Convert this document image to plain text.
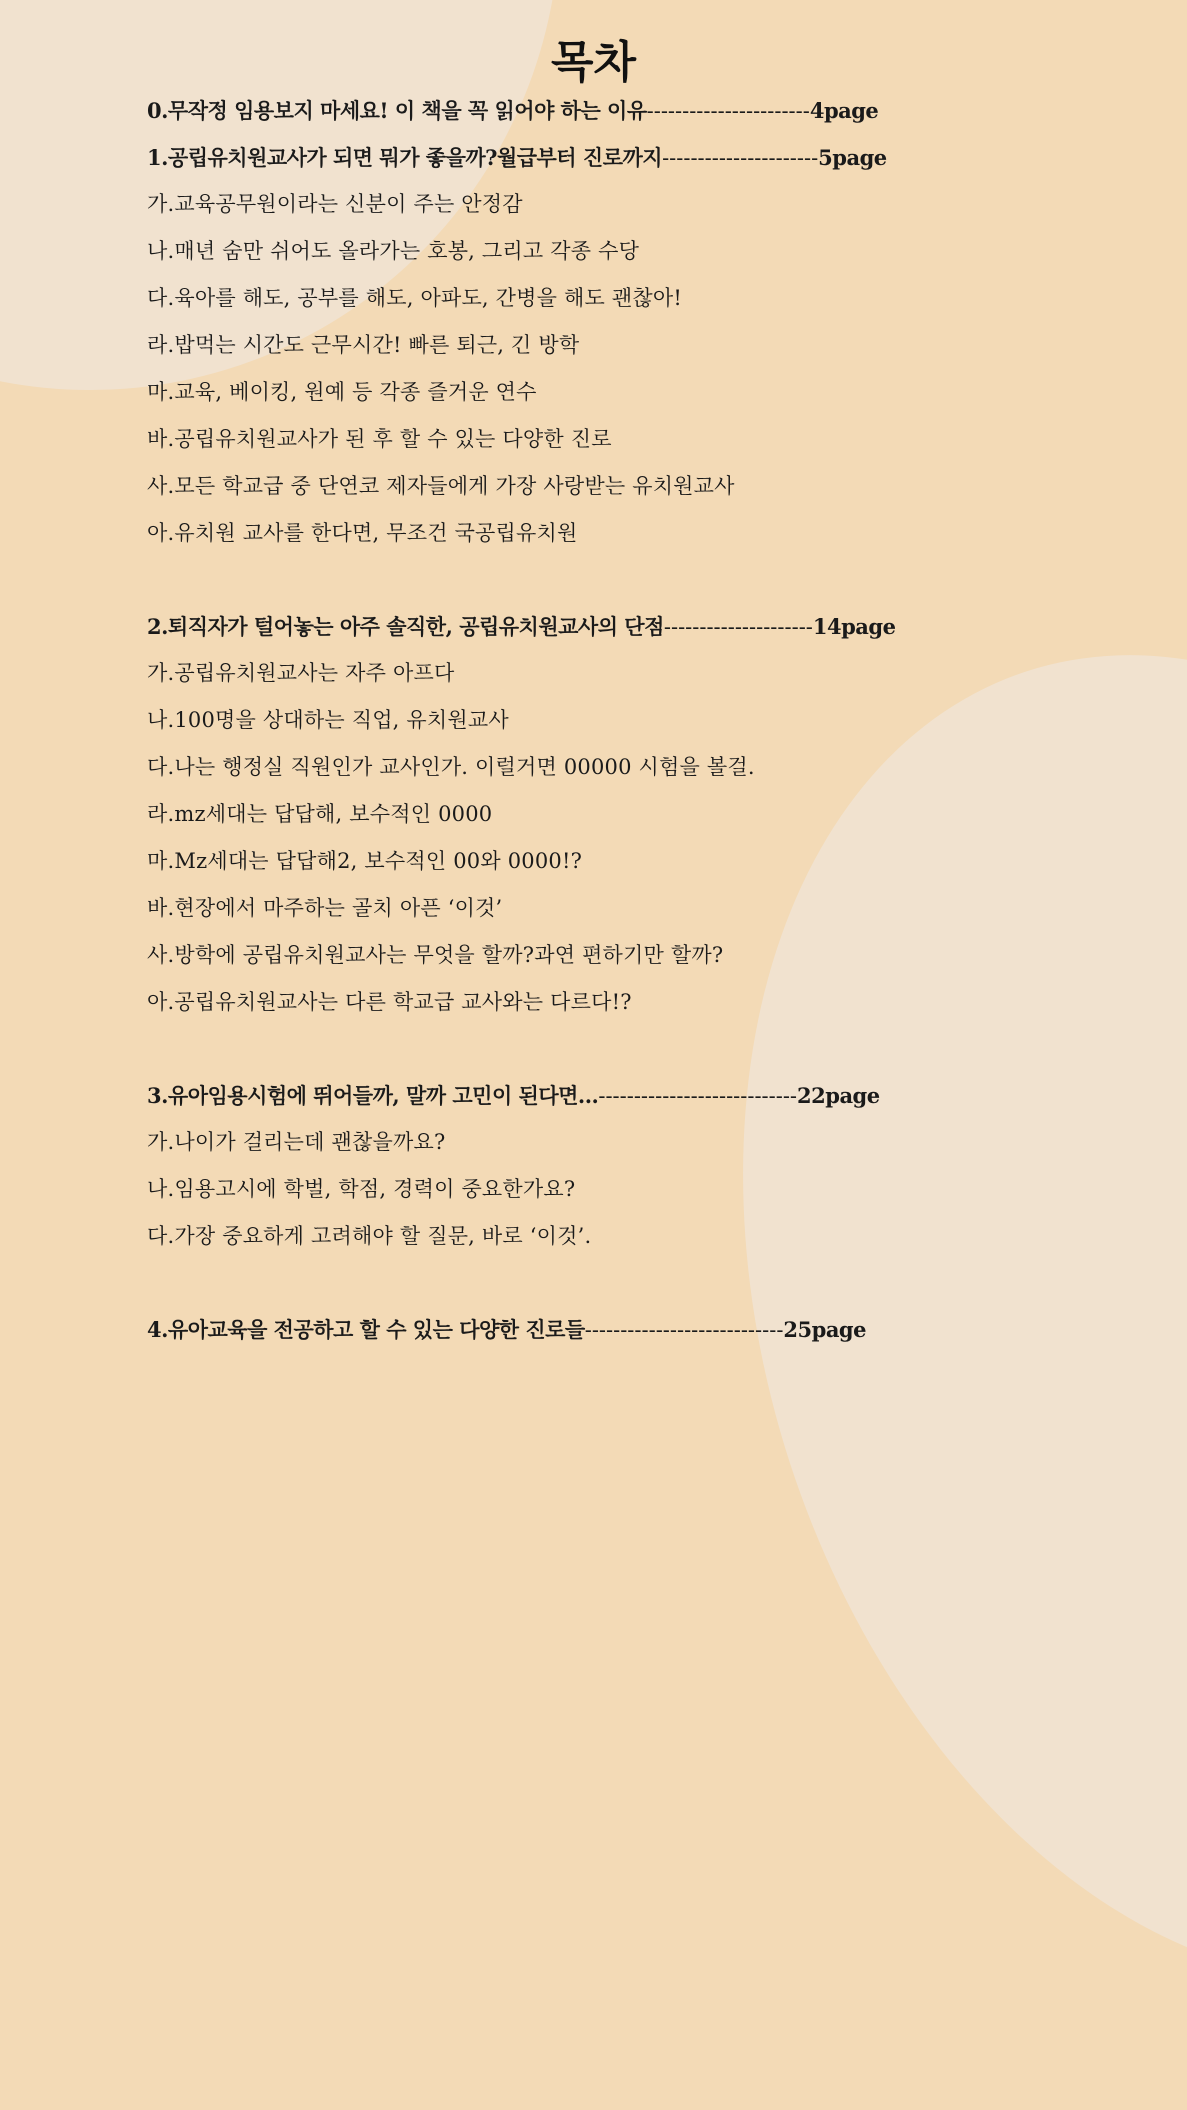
목차
0.무작정 임용보지 마세요! 이 책을 꼭 읽어야 하는 이유-----------------------4page
1.공립유치원교사가 되면 뭐가 좋을까?월급부터 진로까지----------------------5page
가.교육공무원이라는 신분이 주는 안정감
나.매년 숨만 쉬어도 올라가는 호봉, 그리고 각종 수당
다.육아를 해도, 공부를 해도, 아파도, 간병을 해도 괜찮아!
라.밥먹는 시간도 근무시간! 빠른 퇴근, 긴 방학
마.교육, 베이킹, 원예 등 각종 즐거운 연수
바.공립유치원교사가 된 후 할 수 있는 다양한 진로
사.모든 학교급 중 단연코 제자들에게 가장 사랑받는 유치원교사
아.유치원 교사를 한다면, 무조건 국공립유치원
2.퇴직자가 털어놓는 아주 솔직한, 공립유치원교사의 단점---------------------14page
가.공립유치원교사는 자주 아프다
나.100명을 상대하는 직업, 유치원교사
다.나는 행정실 직원인가 교사인가. 이럴거면 00000 시험을 볼걸.
라.mz세대는 답답해, 보수적인 0000
마.Mz세대는 답답해2, 보수적인 00와 0000!?
바.현장에서 마주하는 골치 아픈 ‘이것’
사.방학에 공립유치원교사는 무엇을 할까?과연 편하기만 할까?
아.공립유치원교사는 다른 학교급 교사와는 다르다!?
3.유아임용시험에 뛰어들까, 말까 고민이 된다면...----------------------------22page
가.나이가 걸리는데 괜찮을까요?
나.임용고시에 학벌, 학점, 경력이 중요한가요?
다.가장 중요하게 고려해야 할 질문, 바로 ‘이것’.
4.유아교육을 전공하고 할 수 있는 다양한 진로들----------------------------25page
